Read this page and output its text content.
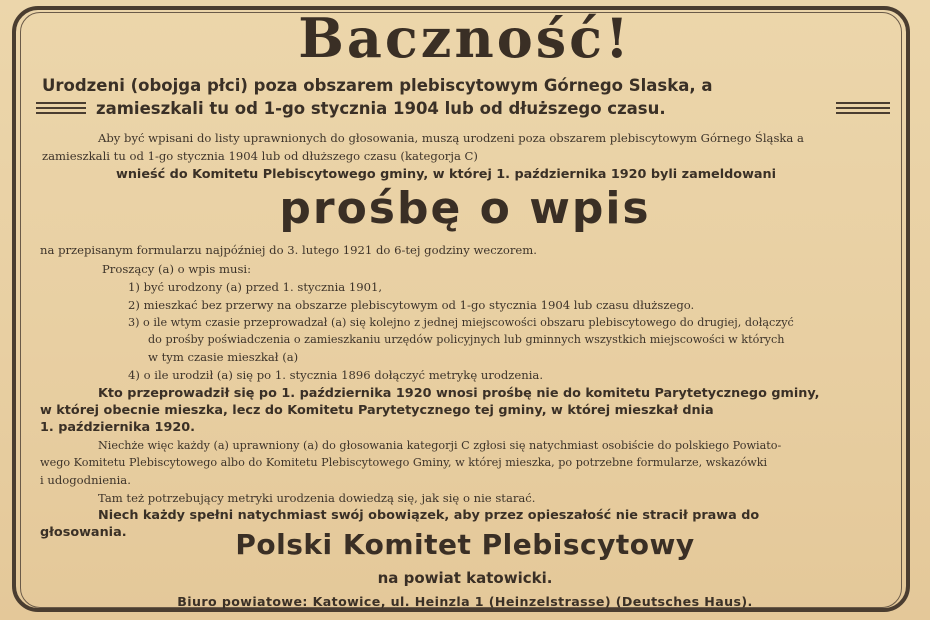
Baczność!
Urodzeni (obojga płci) poza obszarem plebiscytowym Górnego Slaska, a
zamieszkali tu od 1-go stycznia 1904 lub od dłuższego czasu.
Aby być wpisani do listy uprawnionych do głosowania, muszą urodzeni poza obszarem plebiscytowym Górnego Śląska a
zamieszkali tu od 1-go stycznia 1904 lub od dłuższego czasu (kategorja C)
wnieść do Komitetu Plebiscytowego gminy, w której 1. października 1920 byli zameldowani
prośbę o wpis
na przepisanym formularzu najpóźniej do 3. lutego 1921 do 6-tej godziny weczorem.
Proszący (a) o wpis musi:
1) być urodzony (a) przed 1. stycznia 1901,
2) mieszkać bez przerwy na obszarze plebiscytowym od 1-go stycznia 1904 lub czasu dłuższego.
3) o ile wtym czasie przeprowadzał (a) się kolejno z jednej miejscowości obszaru plebiscytowego do drugiej, dołączyć
do prośby poświadczenia o zamieszkaniu urzędów policyjnych lub gminnych wszystkich miejscowości w których
w tym czasie mieszkał (a)
4) o ile urodził (a) się po 1. stycznia 1896 dołączyć metrykę urodzenia.
Kto przeprowadził się po 1. października 1920 wnosi prośbę nie do komitetu Parytetycznego gminy,
w której obecnie mieszka, lecz do Komitetu Parytetycznego tej gminy, w której mieszkał dnia
1. października 1920.
Niechże więc każdy (a) uprawniony (a) do głosowania kategorji C zgłosi się natychmiast osobiście do polskiego Powiato-
wego Komitetu Plebiscytowego albo do Komitetu Plebiscytowego Gminy, w której mieszka, po potrzebne formularze, wskazówki
i udogodnienia.
Tam też potrzebujący metryki urodzenia dowiedzą się, jak się o nie starać.
Niech każdy spełni natychmiast swój obowiązek, aby przez opieszałość nie stracił prawa do
głosowania.	Polski Komitet Plebiscytowy
na powiat katowicki.
Biuro powiatowe: Katowice, ul. Heinzla 1 (Heinzelstrasse) (Deutsches Haus).
